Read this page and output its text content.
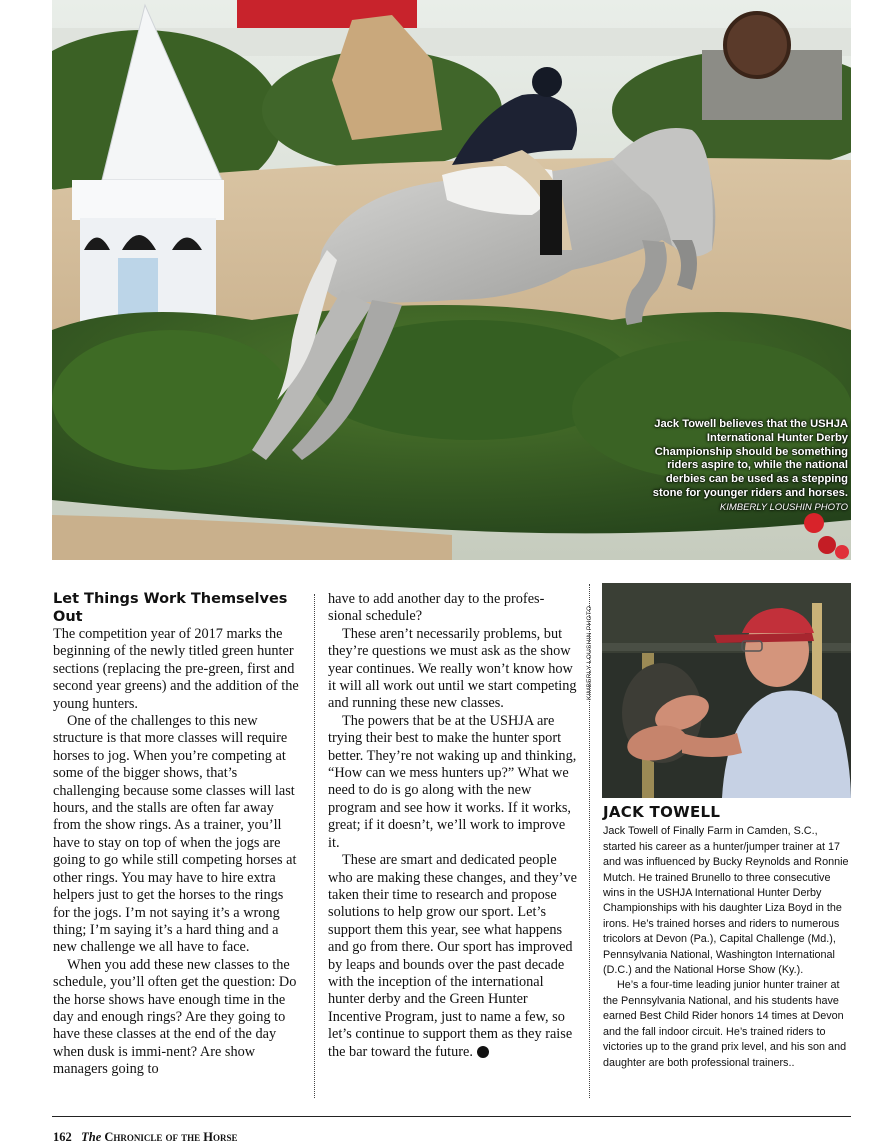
Jack Towell believes that the USHJA International Hunter Derby Championship should be something riders aspire to, while the national derbies can be used as a stepping stone for younger riders and horses.
KIMBERLY LOUSHIN PHOTO
Let Things Work Themselves Out

The competition year of 2017 marks the beginning of the newly titled green hunter sections (replacing the pre-green, first and second year greens) and the addition of the young hunters.

One of the challenges to this new structure is that more classes will require horses to jog. When you’re competing at some of the bigger shows, that’s challenging because some classes will last hours, and the stalls are often far away from the show rings. As a trainer, you’ll have to stay on top of when the jogs are going to go while still competing horses at other rings. You may have to hire extra helpers just to get the horses to the rings for the jogs. I’m not saying it’s a wrong thing; I’m saying it’s a hard thing and a new challenge we all have to face.

When you add these new classes to the schedule, you’ll often get the question: Do the horse shows have enough time in the day and enough rings? Are they going to have these classes at the end of the day when dusk is immi-nent? Are show managers going to

have to add another day to the profes-sional schedule?

These aren’t necessarily problems, but they’re questions we must ask as the show year continues. We really won’t know how it will all work out until we start competing and running these new classes.

The powers that be at the USHJA are trying their best to make the hunter sport better. They’re not waking up and thinking, “How can we mess hunters up?” What we need to do is go along with the new program and see how it works. If it works, great; if it doesn’t, we’ll work to improve it.

These are smart and dedicated people who are making these changes, and they’ve taken their time to research and propose solutions to help grow our sport. Let’s support them this year, see what happens and go from there. Our sport has improved by leaps and bounds over the past decade with the inception of the international hunter derby and the Green Hunter Incentive Program, just to name a few, so let’s continue to support them as they raise the bar toward the future. C

KIMBERLY LOUSHIN PHOTO
JACK TOWELL

Jack Towell of Finally Farm in Camden, S.C., started his career as a hunter/jumper trainer at 17 and was influenced by Bucky Reynolds and Ronnie Mutch. He trained Brunello to three consecutive wins in the USHJA International Hunter Derby Championships with his daughter Liza Boyd in the irons. He’s trained horses and riders to numerous tricolors at Devon (Pa.), Capital Challenge (Md.), Pennsylvania National, Washington International (D.C.) and the National Horse Show (Ky.).

He’s a four-time leading junior hunter trainer at the Pennsylvania National, and his students have earned Best Child Rider honors 14 times at Devon and the fall indoor circuit. He’s trained riders to victories up to the grand prix level, and his son and daughter are both professional trainers..

162 The Chronicle of the Horse
